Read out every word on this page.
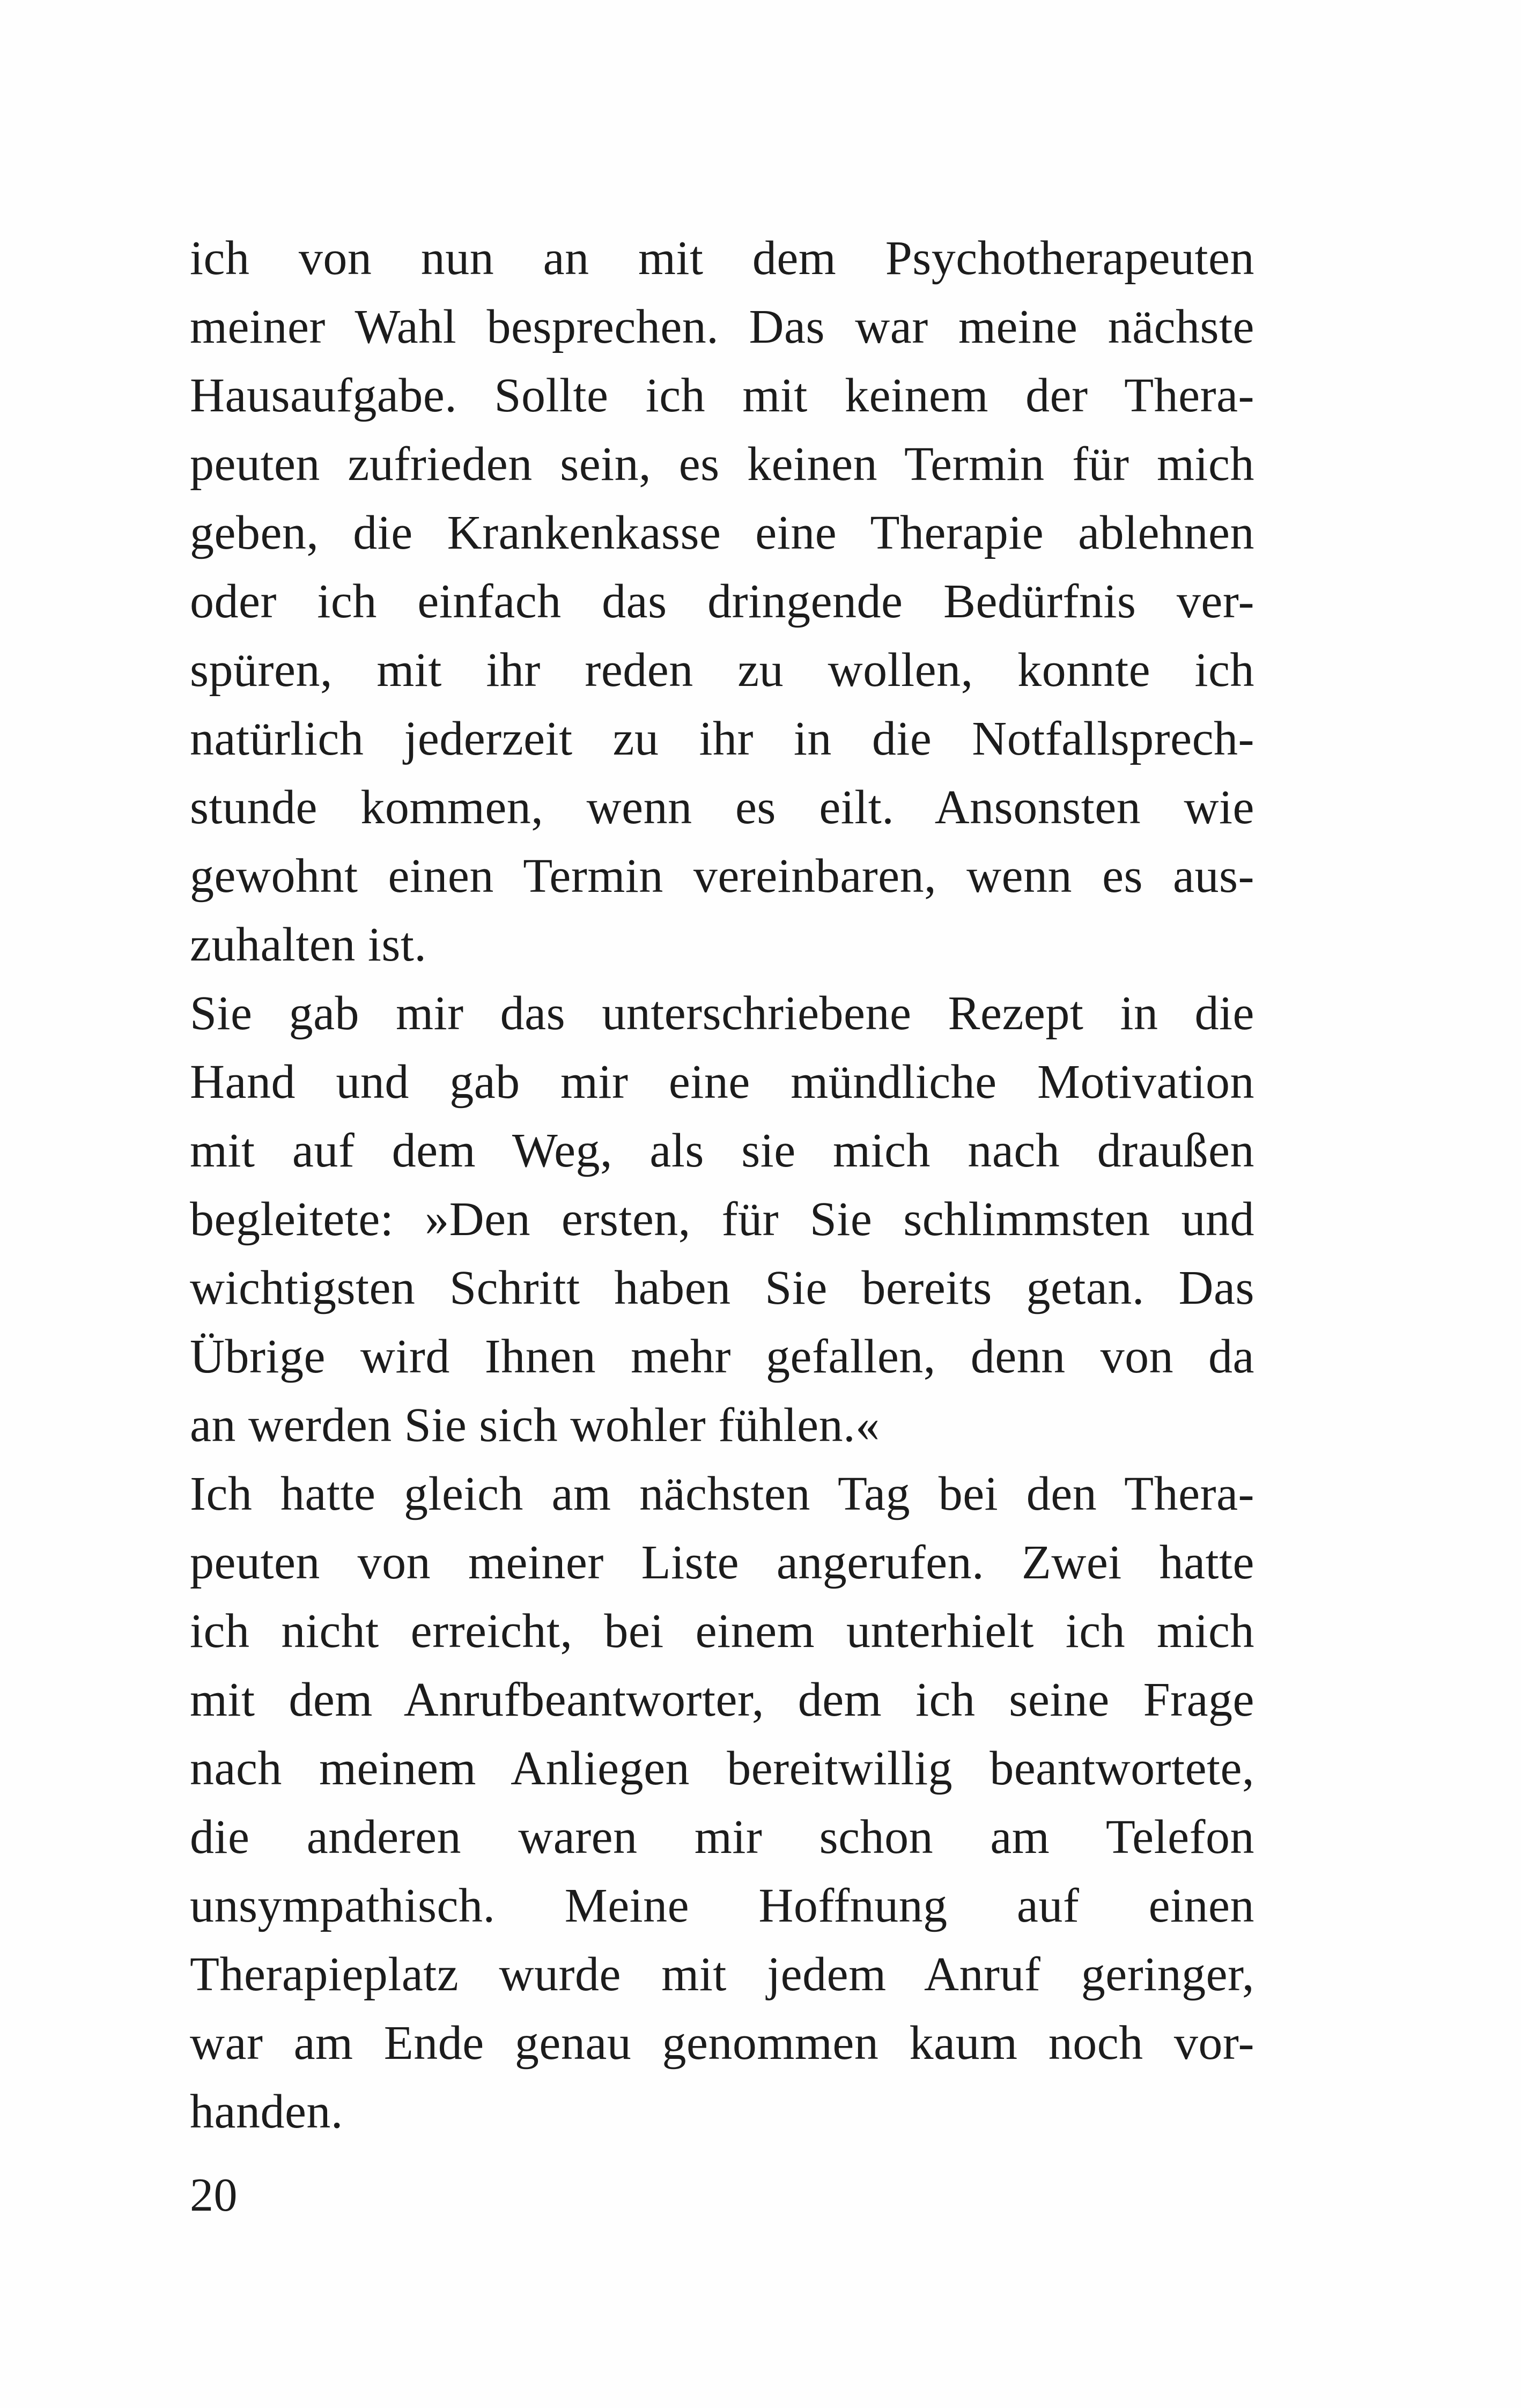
ich von nun an mit dem Psychotherapeuten
meiner Wahl besprechen. Das war meine nächste
Hausaufgabe. Sollte ich mit keinem der Thera-
peuten zufrieden sein, es keinen Termin für mich
geben, die Krankenkasse eine Therapie ablehnen
oder ich einfach das dringende Bedürfnis ver-
spüren, mit ihr reden zu wollen, konnte ich
natürlich jederzeit zu ihr in die Notfallsprech-
stunde kommen, wenn es eilt. Ansonsten wie
gewohnt einen Termin vereinbaren, wenn es aus-
zuhalten ist.

Sie gab mir das unterschriebene Rezept in die
Hand und gab mir eine mündliche Motivation
mit auf dem Weg, als sie mich nach draußen
begleitete: »Den ersten, für Sie schlimmsten und
wichtigsten Schritt haben Sie bereits getan. Das
Übrige wird Ihnen mehr gefallen, denn von da
an werden Sie sich wohler fühlen.«

Ich hatte gleich am nächsten Tag bei den Thera-
peuten von meiner Liste angerufen. Zwei hatte
ich nicht erreicht, bei einem unterhielt ich mich
mit dem Anrufbeantworter, dem ich seine Frage
nach meinem Anliegen bereitwillig beantwortete,
die anderen waren mir schon am Telefon
unsympathisch. Meine Hoffnung auf einen
Therapieplatz wurde mit jedem Anruf geringer,
war am Ende genau genommen kaum noch vor-
handen.

20
